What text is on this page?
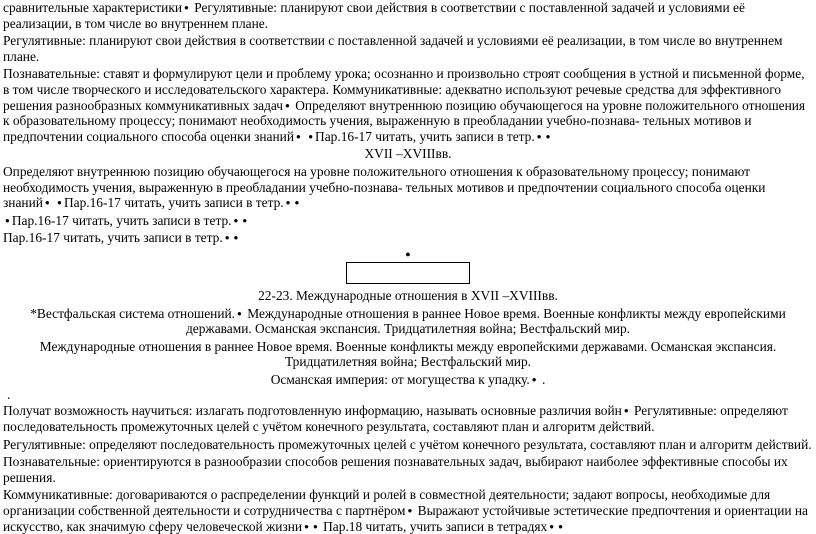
сравнительные характеристики ● Регулятивные: планируют свои действия в соответствии с поставленной задачей и условиями её реализации, в том числе во внутреннем плане.
Регулятивные: планируют свои действия в соответствии с поставленной задачей и условиями её реализации, в том числе во внутреннем плане.
Познавательные: ставят и формулируют цели и проблему урока; осознанно и произвольно строят сообщения в устной и письменной форме, в том числе творческого и исследовательского характера. Коммуникативные: адекватно используют речевые средства для эффективного решения разнообразных коммуникативных задач ● Определяют внутреннюю позицию обучающегося на уровне положительного отношения к образовательному процессу; понимают необходимость учения, выраженную в преобладании учебно-познава- тельных мотивов и предпочтении социального способа оценки знаний ● ● Пар.16-17 читать, учить записи в тетр. ● ●
XVII –XVIIIвв.
Определяют внутреннюю позицию обучающегося на уровне положительного отношения к образовательному процессу; понимают необходимость учения, выраженную в преобладании учебно-познава- тельных мотивов и предпочтении социального способа оценки знаний ● ● Пар.16-17 читать, учить записи в тетр. ● ●
●Пар.16-17 читать, учить записи в тетр. ● ●
Пар.16-17 читать, учить записи в тетр. ● ●
●
22-23. Международные отношения в XVII –XVIIIвв.
*Вестфальская система отношений. ● Международные отношения в раннее Новое время. Военные конфликты между европейскими державами. Османская экспансия. Тридцатилетняя война; Вестфальский мир.
Международные отношения в раннее Новое время. Военные конфликты между европейскими державами. Османская экспансия. Тридцатилетняя война; Вестфальский мир.
Османская империя: от могущества к упадку. ● .
.
Получат возможность научиться: излагать подготовленную информацию, называть основные различия войн ● Регулятивные: определяют последовательность промежуточных целей с учётом конечного результата, составляют план и алгоритм действий.
Регулятивные: определяют последовательность промежуточных целей с учётом конечного результата, составляют план и алгоритм действий.
Познавательные: ориентируются в разнообразии способов решения познавательных задач, выбирают наиболее эффективные способы их решения.
Коммуникативные: договариваются о распределении функций и ролей в совместной деятельности; задают вопросы, необходимые для организации собственной деятельности и сотрудничества с партнёром ● Выражают устойчивые эстетические предпочтения и ориентации на искусство, как значимую сферу человеческой жизни ● ● Пар.18 читать, учить записи в тетрадях ● ●
